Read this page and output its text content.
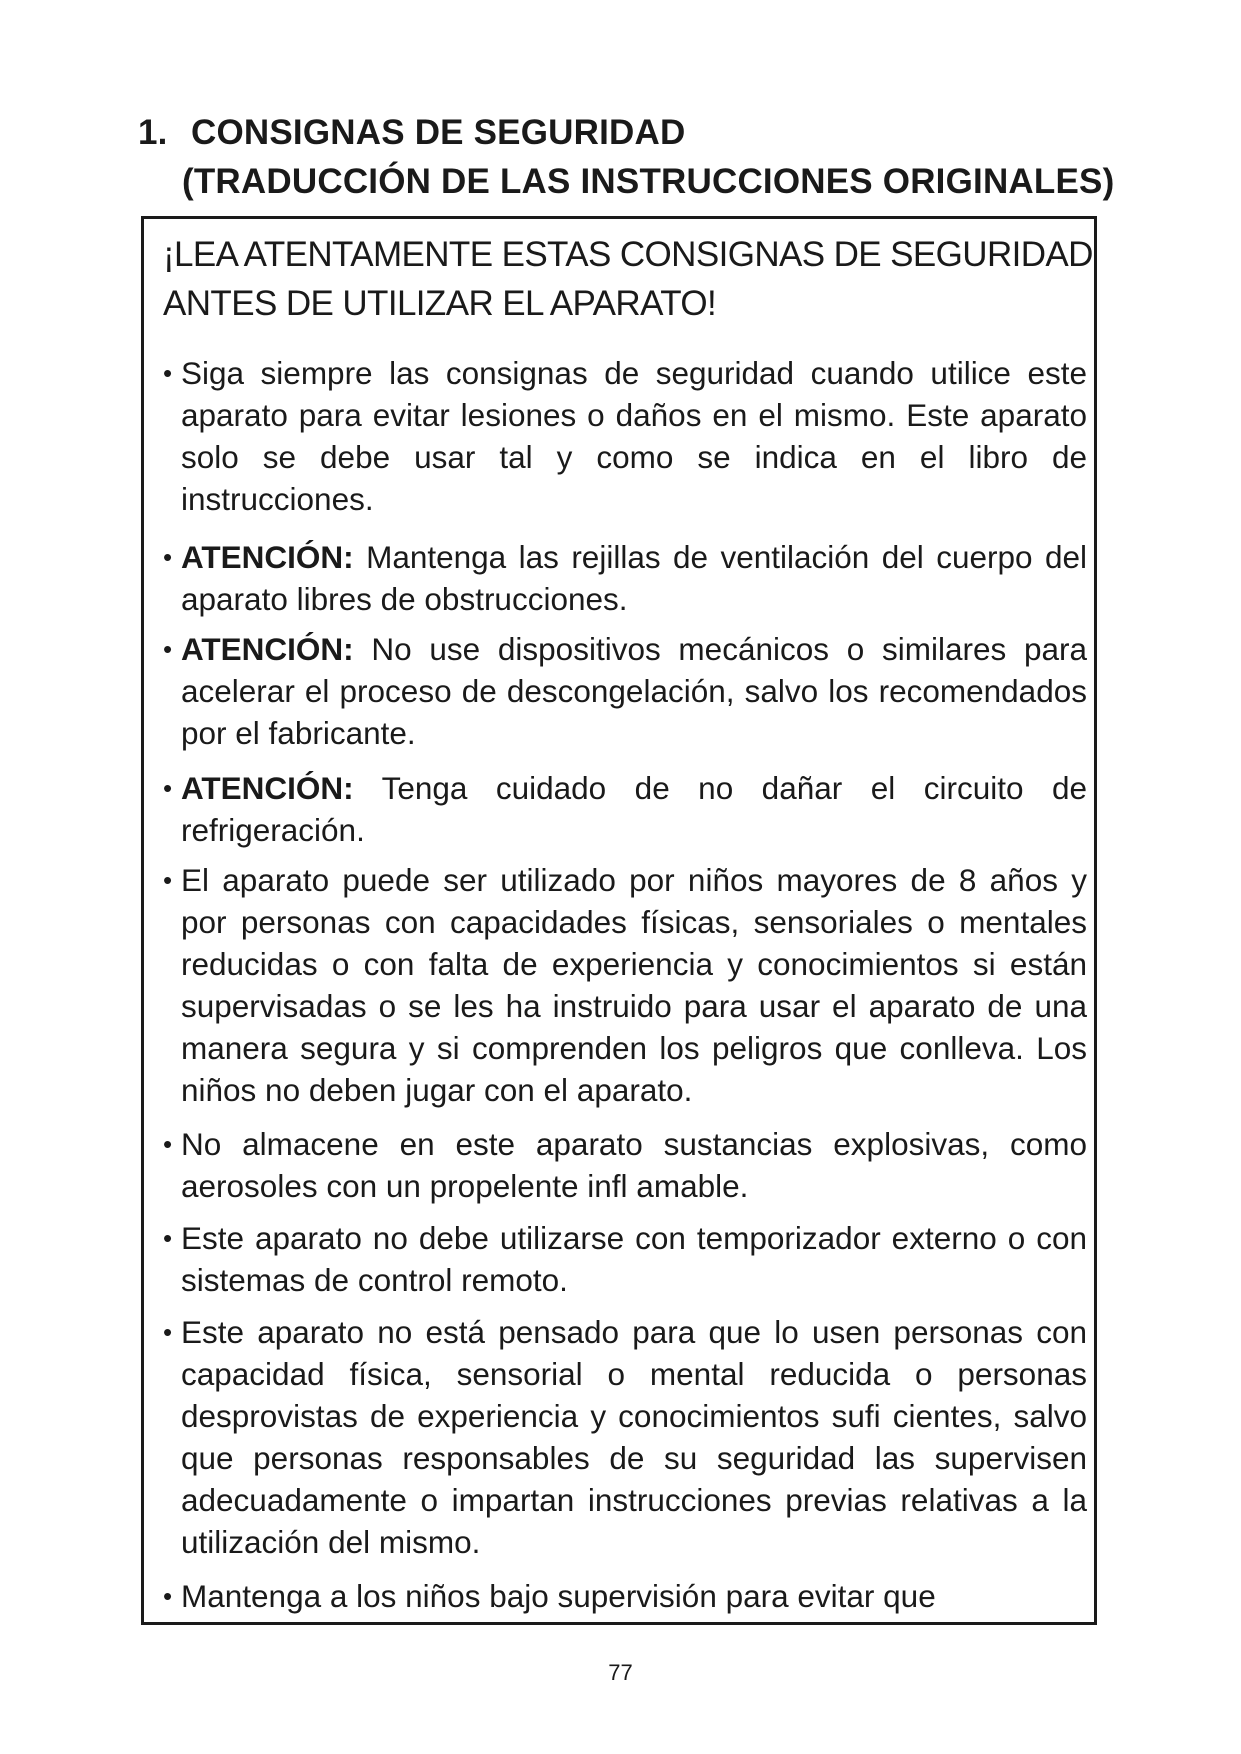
1. CONSIGNAS DE SEGURIDAD
(TRADUCCIÓN DE LAS INSTRUCCIONES ORIGINALES)

¡LEA ATENTAMENTE ESTAS CONSIGNAS DE SEGURIDAD ANTES DE UTILIZAR EL APARATO!

• Siga siempre las consignas de seguridad cuando utilice este aparato para evitar lesiones o daños en el mismo. Este aparato solo se debe usar tal y como se indica en el libro de instrucciones.
• ATENCIÓN: Mantenga las rejillas de ventilación del cuerpo del aparato libres de obstrucciones.
• ATENCIÓN: No use dispositivos mecánicos o similares para acelerar el proceso de descongelación, salvo los recomendados por el fabricante.
• ATENCIÓN: Tenga cuidado de no dañar el circuito de refrigeración.
• El aparato puede ser utilizado por niños mayores de 8 años y por personas con capacidades físicas, sensoriales o mentales reducidas o con falta de experiencia y conocimientos si están supervisadas o se les ha instruido para usar el aparato de una manera segura y si comprenden los peligros que conlleva. Los niños no deben jugar con el aparato.
• No almacene en este aparato sustancias explosivas, como aerosoles con un propelente infl amable.
• Este aparato no debe utilizarse con temporizador externo o con sistemas de control remoto.
• Este aparato no está pensado para que lo usen personas con capacidad física, sensorial o mental reducida o personas desprovistas de experiencia y conocimientos sufi cientes, salvo que personas responsables de su seguridad las supervisen adecuadamente o impartan instrucciones previas relativas a la utilización del mismo.
• Mantenga a los niños bajo supervisión para evitar que
77
